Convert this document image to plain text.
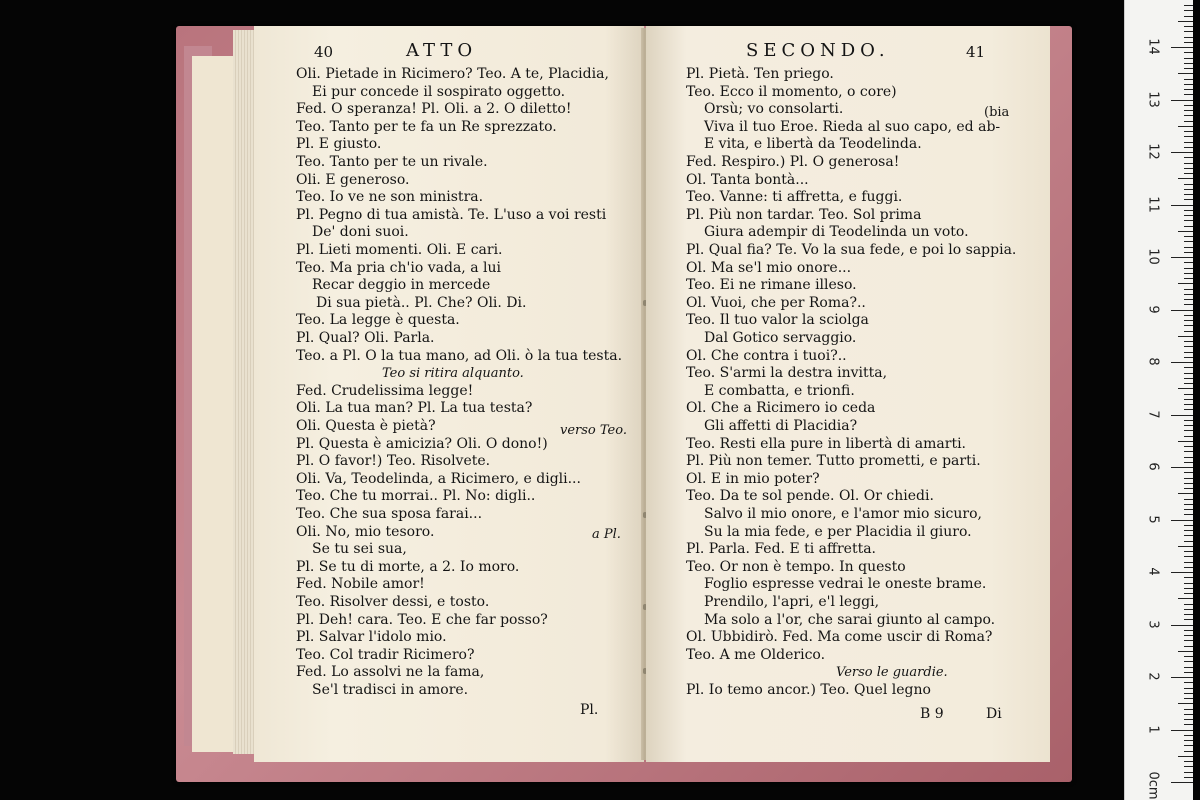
40	ATTO
Oli. Pietade in Ricimero? Teo. A te, Placidia,
Ei pur concede il sospirato oggetto.
Fed. O speranza! Pl. Oli. a 2. O diletto!
Teo. Tanto per te fa un Re sprezzato.
Pl. E giusto.
Teo. Tanto per te un rivale.
Oli. E generoso.
Teo. Io ve ne son ministra.
Pl. Pegno di tua amistà. Te. L'uso a voi resti
De' doni suoi.
Pl. Lieti momenti. Oli. E cari.
Teo. Ma pria ch'io vada, a lui
Recar deggio in mercede
Di sua pietà.. Pl. Che? Oli. Di.
Teo. La legge è questa.
Pl. Qual? Oli. Parla.
Teo. a Pl. O la tua mano, ad Oli. ò la tua testa.
Teo si ritira alquanto.
Fed. Crudelissima legge!
Oli. La tua man? Pl. La tua testa?
Oli. Questa è pietà?
Pl. Questa è amicizia? Oli. O dono!)
Pl. O favor!) Teo. Risolvete.
Oli. Va, Teodelinda, a Ricimero, e digli...
Teo. Che tu morrai.. Pl. No: digli..
Teo. Che sua sposa farai...
Oli. No, mio tesoro.
Se tu sei sua,
Pl. Se tu di morte, a 2. Io moro.
Fed. Nobile amor!
Teo. Risolver dessi, e tosto.
Pl. Deh! cara. Teo. E che far posso?
Pl. Salvar l'idolo mio.
Teo. Col tradir Ricimero?
Fed. Lo assolvi ne la fama,
Se'l tradisci in amore.
verso Teo.
a Pl.
Pl.
SECONDO.	41
Pl. Pietà. Ten priego.
Teo. Ecco il momento, o core)
Orsù; vo consolarti.
Viva il tuo Eroe. Rieda al suo capo, ed ab-
E vita, e libertà da Teodelinda.
Fed. Respiro.) Pl. O generosa!
Ol. Tanta bontà...
Teo. Vanne: ti affretta, e fuggi.
Pl. Più non tardar. Teo. Sol prima
Giura adempir di Teodelinda un voto.
Pl. Qual fia? Te. Vo la sua fede, e poi lo sappia.
Ol. Ma se'l mio onore...
Teo. Ei ne rimane illeso.
Ol. Vuoi, che per Roma?..
Teo. Il tuo valor la sciolga
Dal Gotico servaggio.
Ol. Che contra i tuoi?..
Teo. S'armi la destra invitta,
E combatta, e trionfi.
Ol. Che a Ricimero io ceda
Gli affetti di Placidia?
Teo. Resti ella pure in libertà di amarti.
Pl. Più non temer. Tutto prometti, e parti.
Ol. E in mio poter?
Teo. Da te sol pende. Ol. Or chiedi.
Salvo il mio onore, e l'amor mio sicuro,
Su la mia fede, e per Placidia il giuro.
Pl. Parla. Fed. E ti affretta.
Teo. Or non è tempo. In questo
Foglio espresse vedrai le oneste brame.
Prendilo, l'apri, e'l leggi,
Ma solo a l'or, che sarai giunto al campo.
Ol. Ubbidirò. Fed. Ma come uscir di Roma?
Teo. A me Olderico.
Verso le guardie.
Pl. Io temo ancor.) Teo. Quel legno
(bia
B 9	Di
0cm
1
2
3
4
5
6
7
8
9
10
11
12
13
14
